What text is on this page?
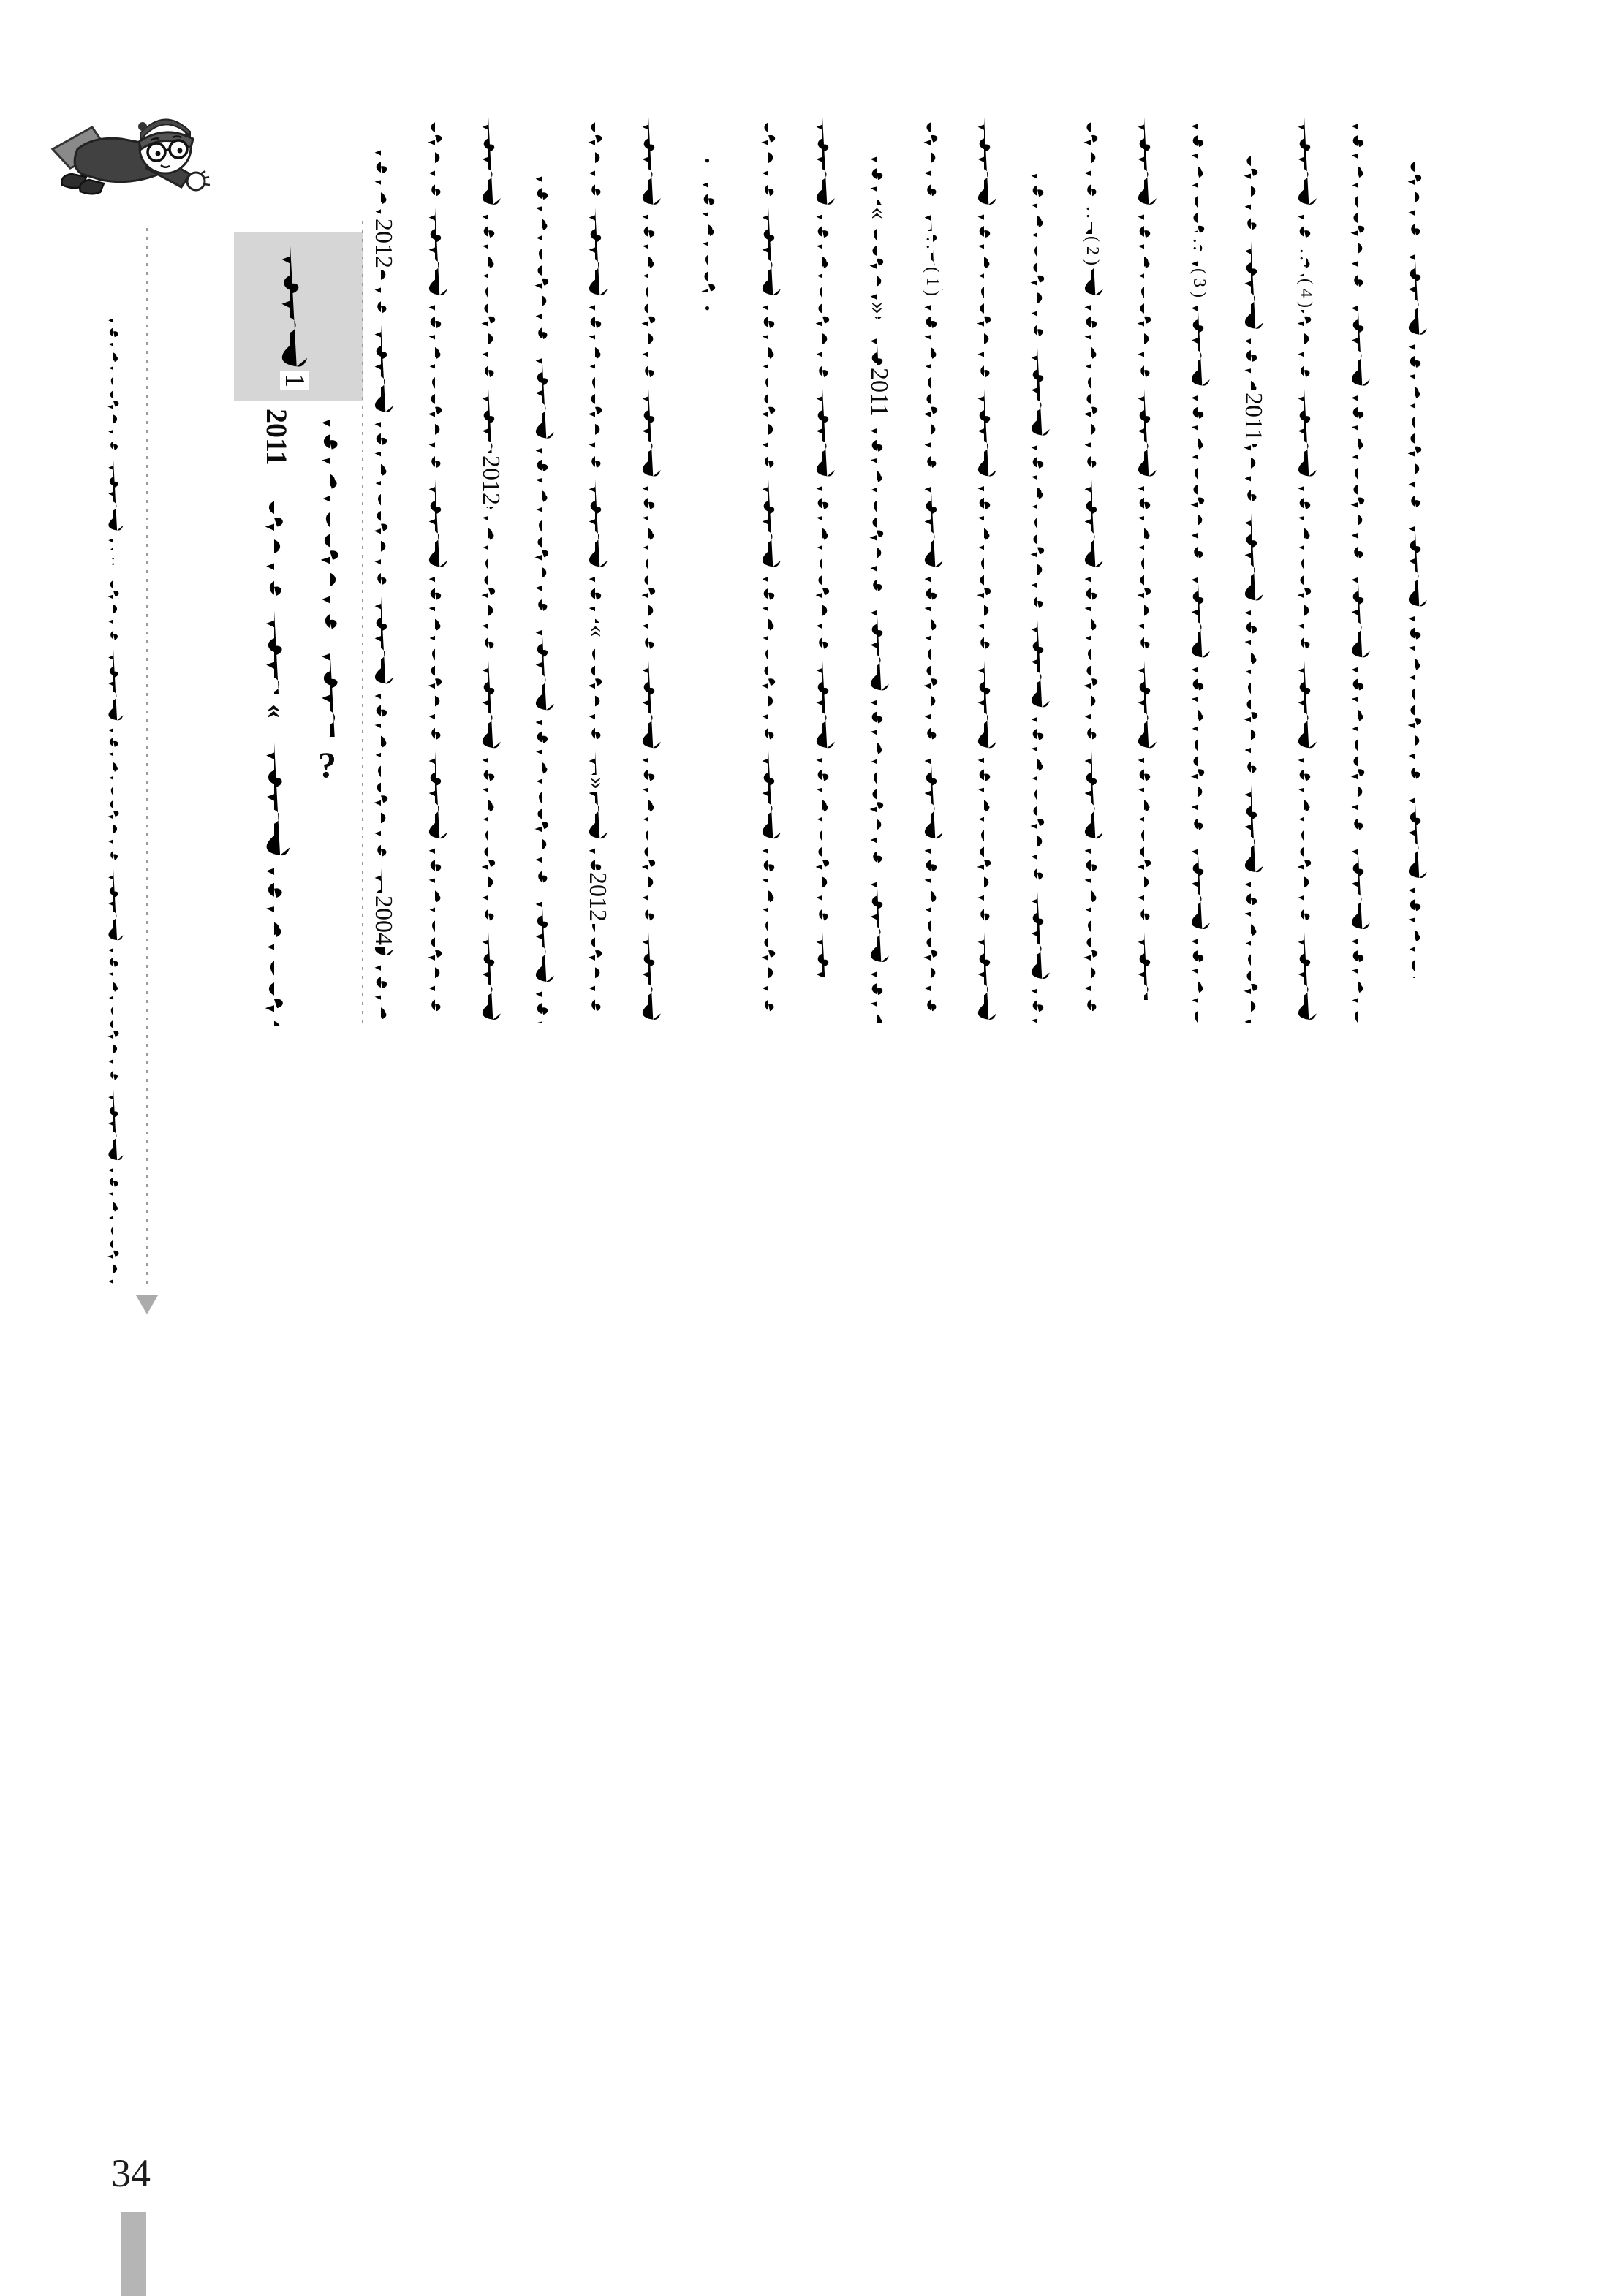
1
2011
«
?
•
•
2012
2004
2012
«
»
2012
«
»
2011
:
( 1 )
:
( 2 )	:
( 3 )
2011
:
( 4 )
:
34
